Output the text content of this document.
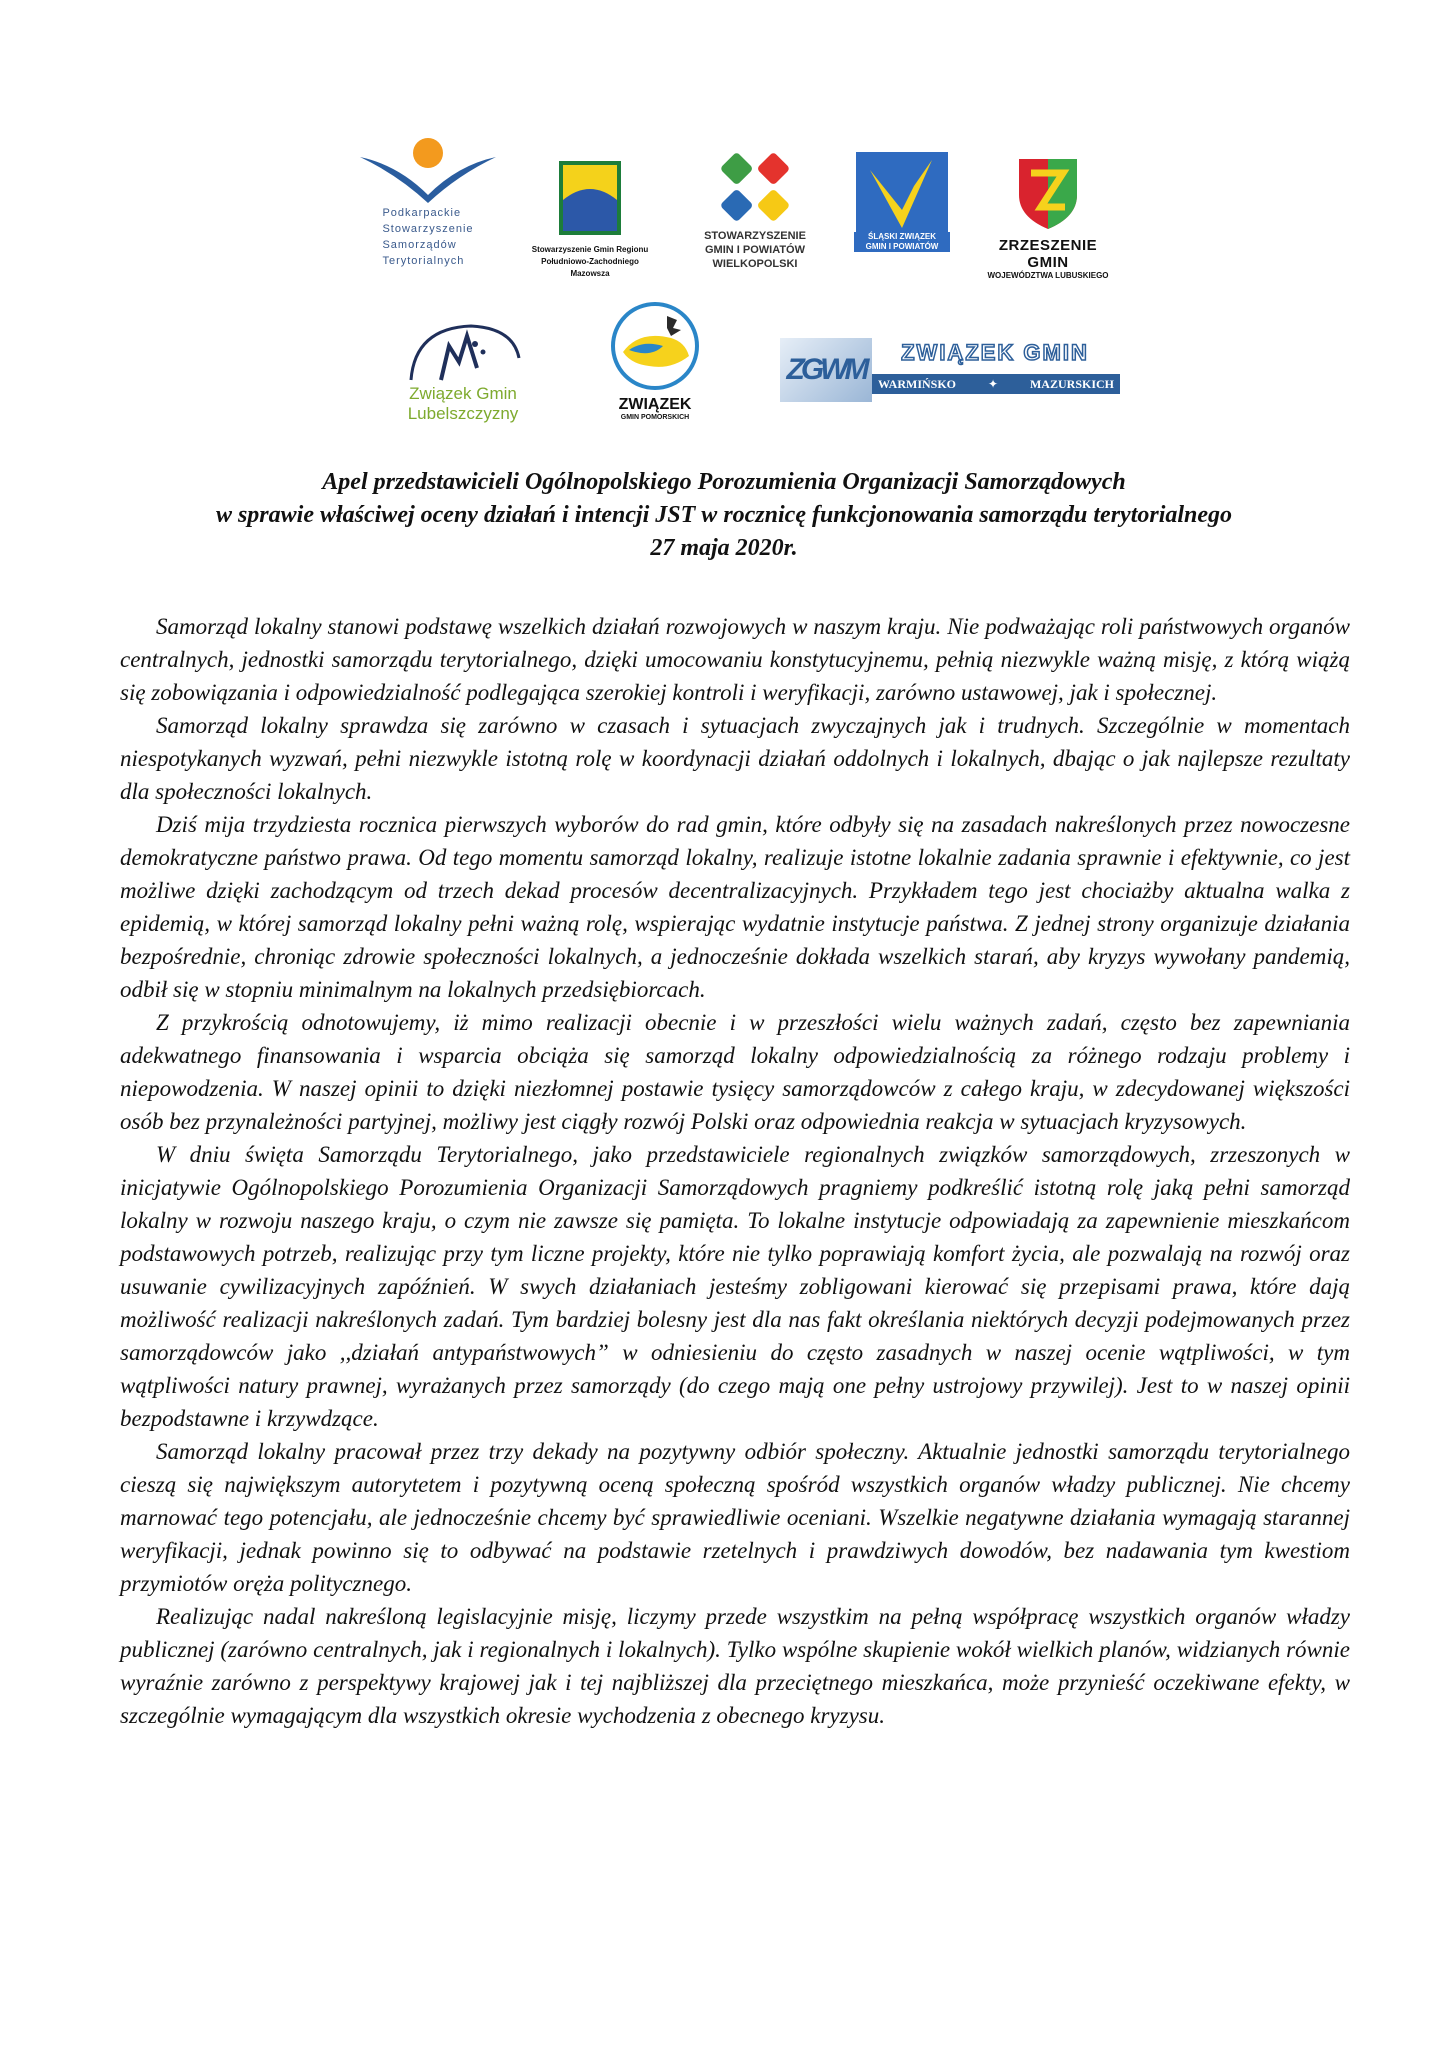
Podkarpackie
Stowarzyszenie
Samorządów
Terytorialnych
Stowarzyszenie Gmin Regionu
Południowo-Zachodniego
Mazowsza
STOWARZYSZENIE
GMIN I POWIATÓW
WIELKOPOLSKI
ŚLĄSKI ZWIĄZEK
GMIN I POWIATÓW	ZRZESZENIE GMIN
WOJEWÓDZTWA LUBUSKIEGO
Związek Gmin
Lubelszczyzny	ZWIĄZEK
GMIN POMORSKICH
ZGWM
ZWIĄZEK GMIN
WARMIŃSKO	✦	MAZURSKICH
Apel przedstawicieli Ogólnopolskiego Porozumienia Organizacji Samorządowych
w sprawie właściwej oceny działań i intencji JST w rocznicę funkcjonowania samorządu terytorialnego
27 maja 2020r.

Samorząd lokalny stanowi podstawę wszelkich działań rozwojowych w naszym kraju. Nie podważając roli państwowych organów centralnych, jednostki samorządu terytorialnego, dzięki umocowaniu konstytucyjnemu, pełnią niezwykle ważną misję, z którą wiążą się zobowiązania i odpowiedzialność podlegająca szerokiej kontroli i weryfikacji, zarówno ustawowej, jak i społecznej.

Samorząd lokalny sprawdza się zarówno w czasach i sytuacjach zwyczajnych jak i trudnych. Szczególnie w momentach niespotykanych wyzwań, pełni niezwykle istotną rolę w koordynacji działań oddolnych i lokalnych, dbając o jak najlepsze rezultaty dla społeczności lokalnych.

Dziś mija trzydziesta rocznica pierwszych wyborów do rad gmin, które odbyły się na zasadach nakreślonych przez nowoczesne demokratyczne państwo prawa. Od tego momentu samorząd lokalny, realizuje istotne lokalnie zadania sprawnie i efektywnie, co jest możliwe dzięki zachodzącym od trzech dekad procesów decentralizacyjnych. Przykładem tego jest chociażby aktualna walka z epidemią, w której samorząd lokalny pełni ważną rolę, wspierając wydatnie instytucje państwa. Z jednej strony organizuje działania bezpośrednie, chroniąc zdrowie społeczności lokalnych, a jednocześnie dokłada wszelkich starań, aby kryzys wywołany pandemią, odbił się w stopniu minimalnym na lokalnych przedsiębiorcach.

Z przykrością odnotowujemy, iż mimo realizacji obecnie i w przeszłości wielu ważnych zadań, często bez zapewniania adekwatnego finansowania i wsparcia obciąża się samorząd lokalny odpowiedzialnością za różnego rodzaju problemy i niepowodzenia. W naszej opinii to dzięki niezłomnej postawie tysięcy samorządowców z całego kraju, w zdecydowanej większości osób bez przynależności partyjnej, możliwy jest ciągły rozwój Polski oraz odpowiednia reakcja w sytuacjach kryzysowych.

W dniu święta Samorządu Terytorialnego, jako przedstawiciele regionalnych związków samorządowych, zrzeszonych w inicjatywie Ogólnopolskiego Porozumienia Organizacji Samorządowych pragniemy podkreślić istotną rolę jaką pełni samorząd lokalny w rozwoju naszego kraju, o czym nie zawsze się pamięta. To lokalne instytucje odpowiadają za zapewnienie mieszkańcom podstawowych potrzeb, realizując przy tym liczne projekty, które nie tylko poprawiają komfort życia, ale pozwalają na rozwój oraz usuwanie cywilizacyjnych zapóźnień. W swych działaniach jesteśmy zobligowani kierować się przepisami prawa, które dają możliwość realizacji nakreślonych zadań. Tym bardziej bolesny jest dla nas fakt określania niektórych decyzji podejmowanych przez samorządowców jako ,,działań antypaństwowych” w odniesieniu do często zasadnych w naszej ocenie wątpliwości, w tym wątpliwości natury prawnej, wyrażanych przez samorządy (do czego mają one pełny ustrojowy przywilej). Jest to w naszej opinii bezpodstawne i krzywdzące.

Samorząd lokalny pracował przez trzy dekady na pozytywny odbiór społeczny. Aktualnie jednostki samorządu terytorialnego cieszą się największym autorytetem i pozytywną oceną społeczną spośród wszystkich organów władzy publicznej. Nie chcemy marnować tego potencjału, ale jednocześnie chcemy być sprawiedliwie oceniani. Wszelkie negatywne działania wymagają starannej weryfikacji, jednak powinno się to odbywać na podstawie rzetelnych i prawdziwych dowodów, bez nadawania tym kwestiom przymiotów oręża politycznego.

Realizując nadal nakreśloną legislacyjnie misję, liczymy przede wszystkim na pełną współpracę wszystkich organów władzy publicznej (zarówno centralnych, jak i regionalnych i lokalnych). Tylko wspólne skupienie wokół wielkich planów, widzianych równie wyraźnie zarówno z perspektywy krajowej jak i tej najbliższej dla przeciętnego mieszkańca, może przynieść oczekiwane efekty, w szczególnie wymagającym dla wszystkich okresie wychodzenia z obecnego kryzysu.
